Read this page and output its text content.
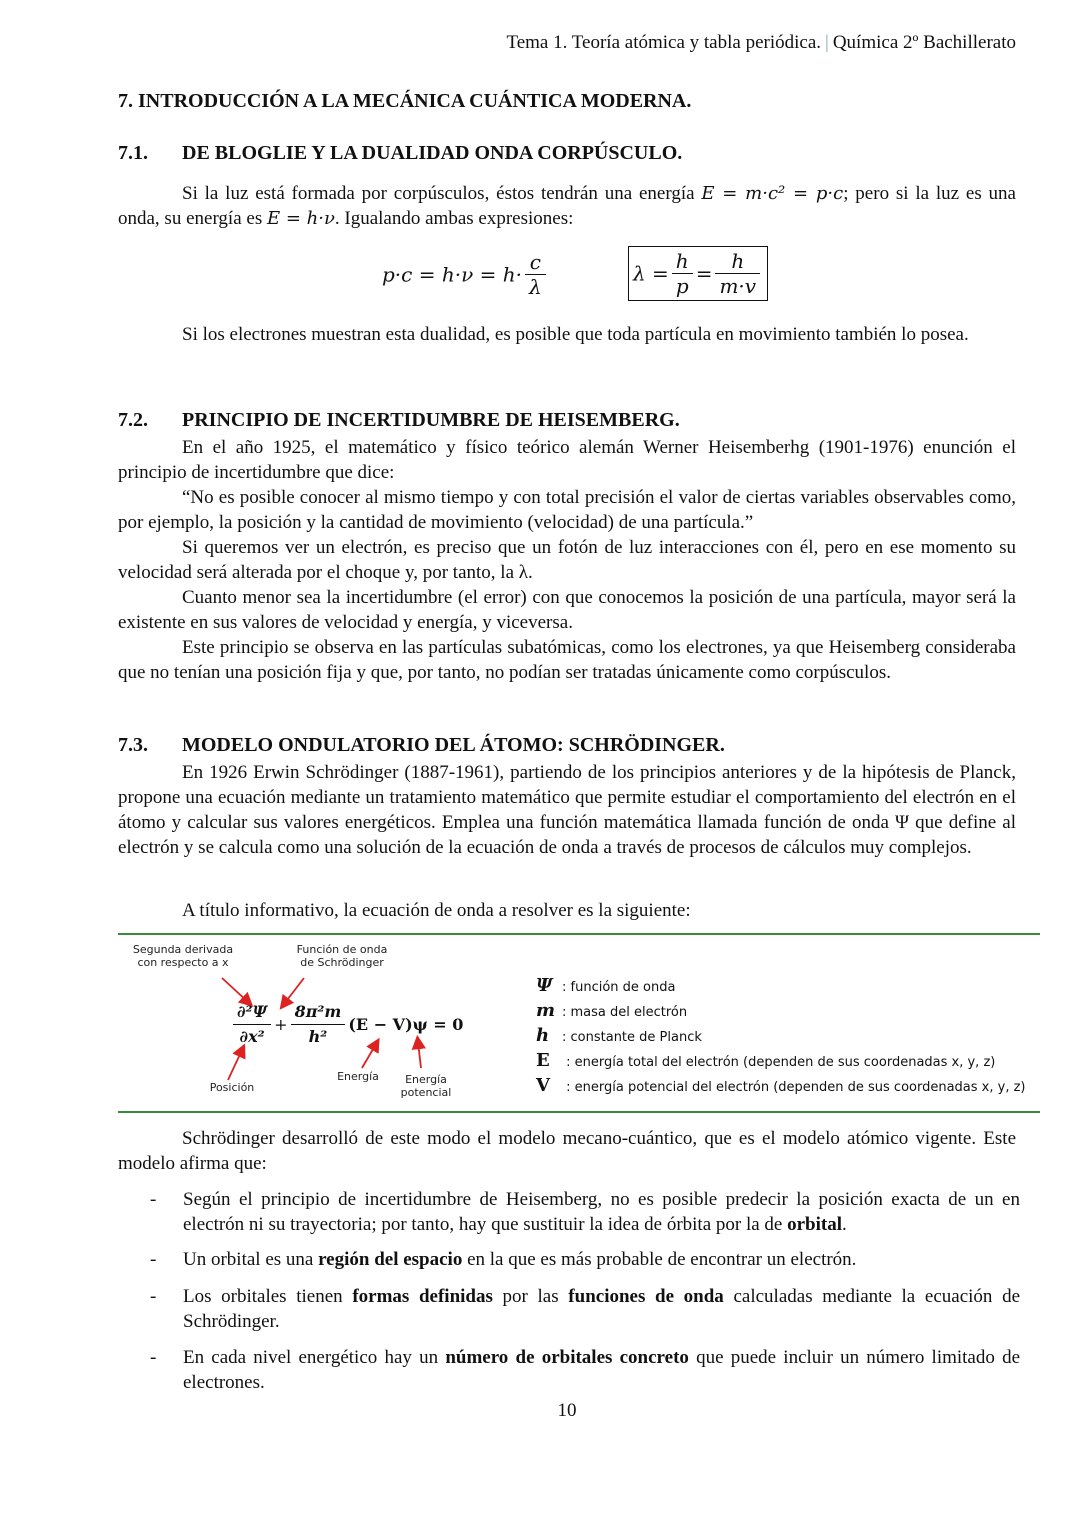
Tema 1. Teoría atómica y tabla periódica. | Química 2º Bachillerato
7. INTRODUCCIÓN A LA MECÁNICA CUÁNTICA MODERNA.
7.1. DE BLOGLIE Y LA DUALIDAD ONDA CORPÚSCULO.
Si la luz está formada por corpúsculos, éstos tendrán una energía E = m·c² = p·c; pero si la luz es una onda, su energía es E = h·ν. Igualando ambas expresiones:
$p\cdot c = h\cdot\nu = h\cdot \frac{c}{\lambda}$	$\lambda = \frac{h}{p} = \frac{h}{m\cdot v}$
Si los electrones muestran esta dualidad, es posible que toda partícula en movimiento también lo posea.
7.2. PRINCIPIO DE INCERTIDUMBRE DE HEISEMBERG.
En el año 1925, el matemático y físico teórico alemán Werner Heisemberhg (1901-1976) enunción el principio de incertidumbre que dice:
“No es posible conocer al mismo tiempo y con total precisión el valor de ciertas variables observables como, por ejemplo, la posición y la cantidad de movimiento (velocidad) de una partícula.”
Si queremos ver un electrón, es preciso que un fotón de luz interacciones con él, pero en ese momento su velocidad será alterada por el choque y, por tanto, la λ.
Cuanto menor sea la incertidumbre (el error) con que conocemos la posición de una partícula, mayor será la existente en sus valores de velocidad y energía, y viceversa.
Este principio se observa en las partículas subatómicas, como los electrones, ya que Heisemberg consideraba que no tenían una posición fija y que, por tanto, no podían ser tratadas únicamente como corpúsculos.
7.3. MODELO ONDULATORIO DEL ÁTOMO: SCHRÖDINGER.
En 1926 Erwin Schrödinger (1887-1961), partiendo de los principios anteriores y de la hipótesis de Planck, propone una ecuación mediante un tratamiento matemático que permite estudiar el comportamiento del electrón en el átomo y calcular sus valores energéticos. Emplea una función matemática llamada función de onda Ψ que define al electrón y se calcula como una solución de la ecuación de onda a través de procesos de cálculos muy complejos.
A título informativo, la ecuación de onda a resolver es la siguiente:
Segunda derivada
con respecto a x
Función de onda
de Schrödinger
$\frac{\text{∂²Ψ}}{\text{∂x²}} + \frac{\text{8π²m}}{\text{h²}} (E - V)\psi = 0$
Posición
Energía	Energía
potencial
Ψ : función de onda
m : masa del electrón
h : constante de Planck
E : energía total del electrón (dependen de sus coordenadas x, y, z)
V : energía potencial del electrón (dependen de sus coordenadas x, y, z)
Schrödinger desarrolló de este modo el modelo mecano-cuántico, que es el modelo atómico vigente. Este modelo afirma que:
- Según el principio de incertidumbre de Heisemberg, no es posible predecir la posición exacta de un en electrón ni su trayectoria; por tanto, hay que sustituir la idea de órbita por la de orbital.
- Un orbital es una región del espacio en la que es más probable de encontrar un electrón.
- Los orbitales tienen formas definidas por las funciones de onda calculadas mediante la ecuación de Schrödinger.
- En cada nivel energético hay un número de orbitales concreto que puede incluir un número limitado de electrones.
10
